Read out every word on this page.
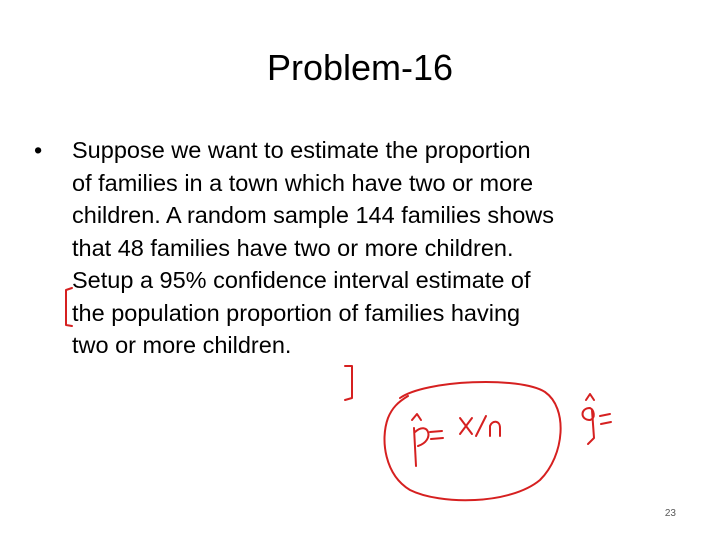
Problem-16
•	Suppose we want to estimate the proportion
of families in a town which have two or more
children. A random sample 144 families shows
that 48 families have two or more children.
Setup a 95% confidence interval estimate of
the population proportion of families having
two or more children.
p̂ = x/n
23
